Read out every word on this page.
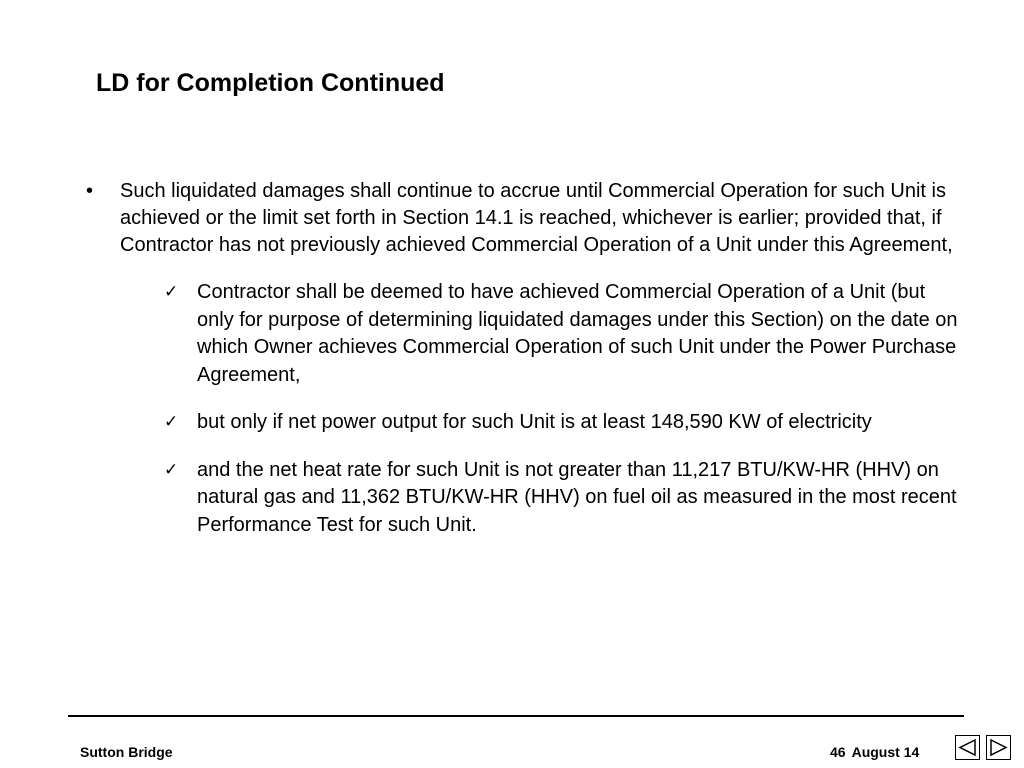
LD for Completion Continued
• Such liquidated damages shall continue to accrue until Commercial Operation for such Unit is achieved or the limit set forth in Section 14.1 is reached, whichever is earlier; provided that, if Contractor has not previously achieved Commercial Operation of a Unit under this Agreement,
✓ Contractor shall be deemed to have achieved Commercial Operation of a Unit (but only for purpose of determining liquidated damages under this Section) on the date on which Owner achieves Commercial Operation of such Unit under the Power Purchase Agreement,
✓ but only if net power output for such Unit is at least 148,590 KW of electricity
✓ and the net heat rate for such Unit is not greater than 11,217 BTU/KW-HR (HHV) on natural gas and 11,362 BTU/KW-HR (HHV) on fuel oil as measured in the most recent Performance Test for such Unit.
Sutton Bridge	46 August 14
